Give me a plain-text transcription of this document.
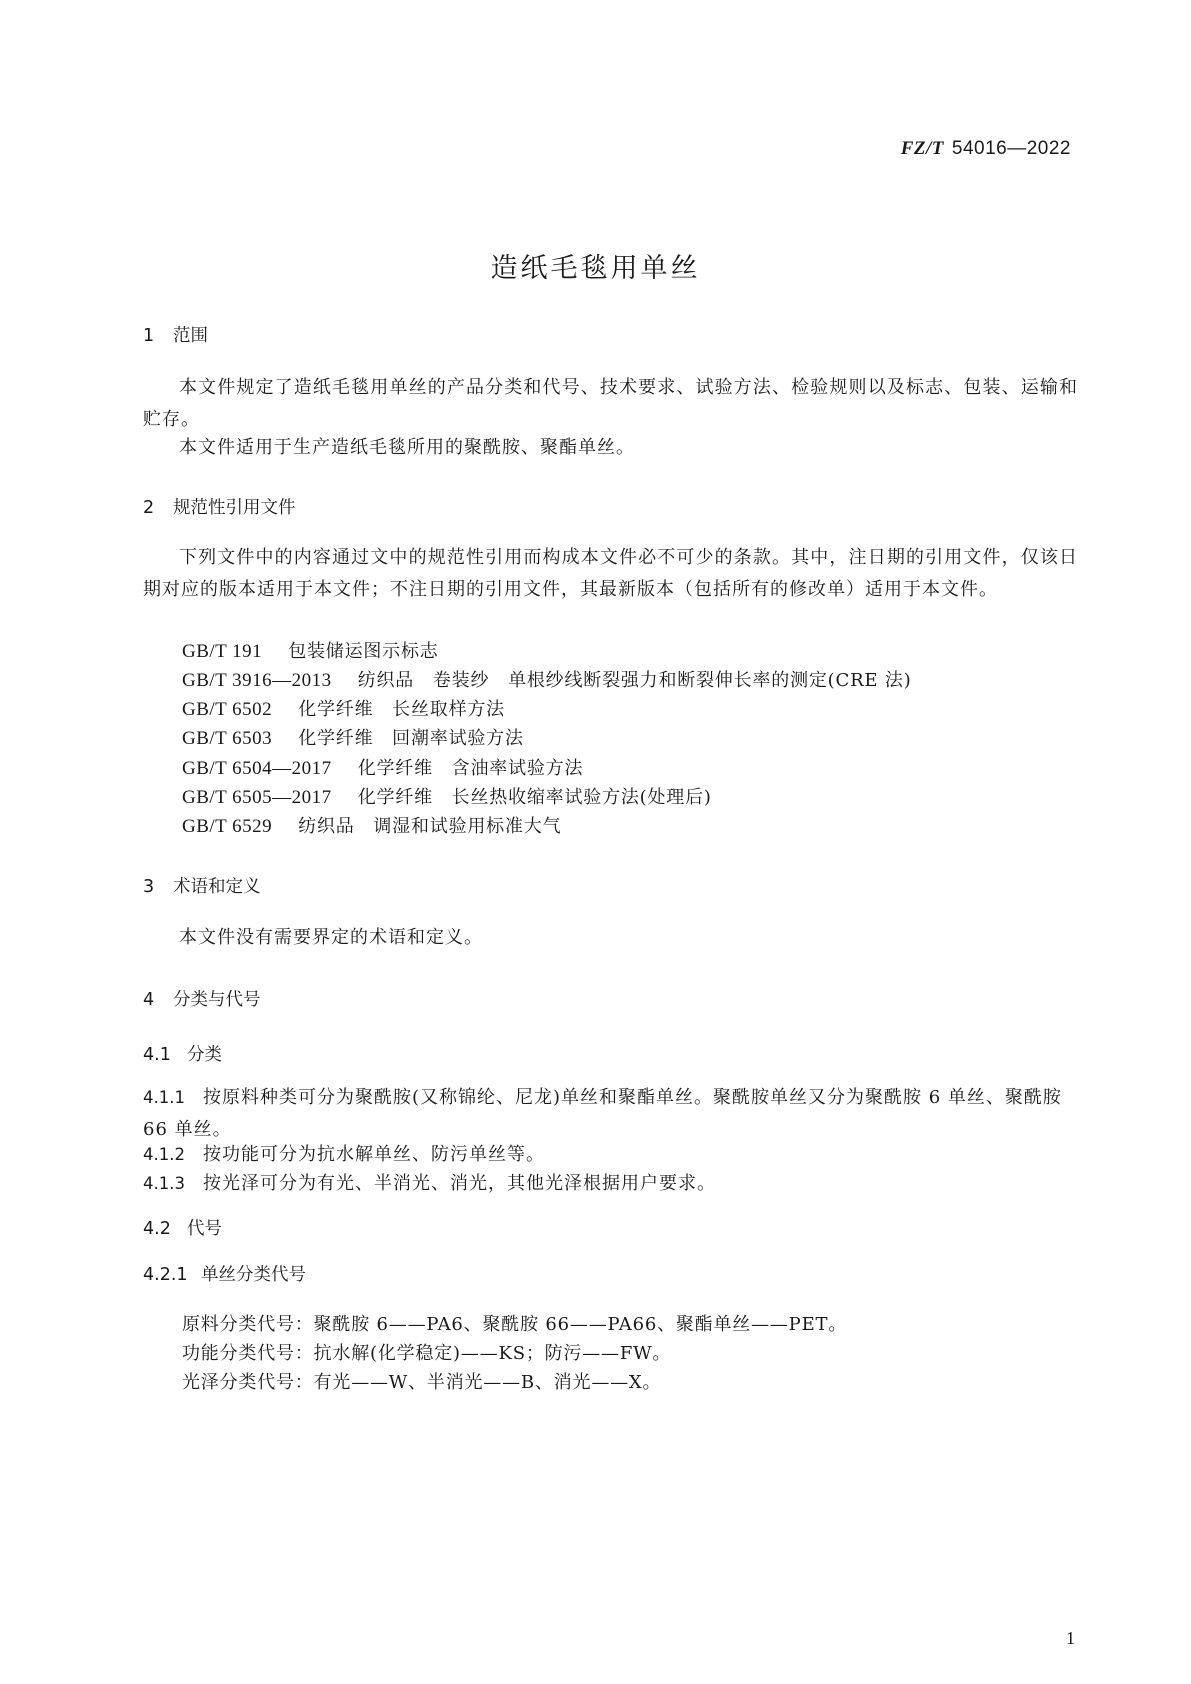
FZ/T 54016—2022
造纸毛毯用单丝
1 范围
本文件规定了造纸毛毯用单丝的产品分类和代号、技术要求、试验方法、检验规则以及标志、包装、运输和贮存。
本文件适用于生产造纸毛毯所用的聚酰胺、聚酯单丝。
2 规范性引用文件
下列文件中的内容通过文中的规范性引用而构成本文件必不可少的条款。其中，注日期的引用文件，仅该日期对应的版本适用于本文件；不注日期的引用文件，其最新版本（包括所有的修改单）适用于本文件。
GB/T 191 包装储运图示标志
GB/T 3916—2013 纺织品　卷装纱　单根纱线断裂强力和断裂伸长率的测定(CRE 法)
GB/T 6502 化学纤维　长丝取样方法
GB/T 6503 化学纤维　回潮率试验方法
GB/T 6504—2017 化学纤维　含油率试验方法
GB/T 6505—2017 化学纤维　长丝热收缩率试验方法(处理后)
GB/T 6529 纺织品　调湿和试验用标准大气
3 术语和定义
本文件没有需要界定的术语和定义。
4 分类与代号
4.1 分类
4.1.1 按原料种类可分为聚酰胺(又称锦纶、尼龙)单丝和聚酯单丝。聚酰胺单丝又分为聚酰胺 6 单丝、聚酰胺 66 单丝。
4.1.2 按功能可分为抗水解单丝、防污单丝等。
4.1.3 按光泽可分为有光、半消光、消光，其他光泽根据用户要求。
4.2 代号
4.2.1 单丝分类代号
原料分类代号：聚酰胺 6——PA6、聚酰胺 66——PA66、聚酯单丝——PET。
功能分类代号：抗水解(化学稳定)——KS；防污——FW。
光泽分类代号：有光——W、半消光——B、消光——X。
1
